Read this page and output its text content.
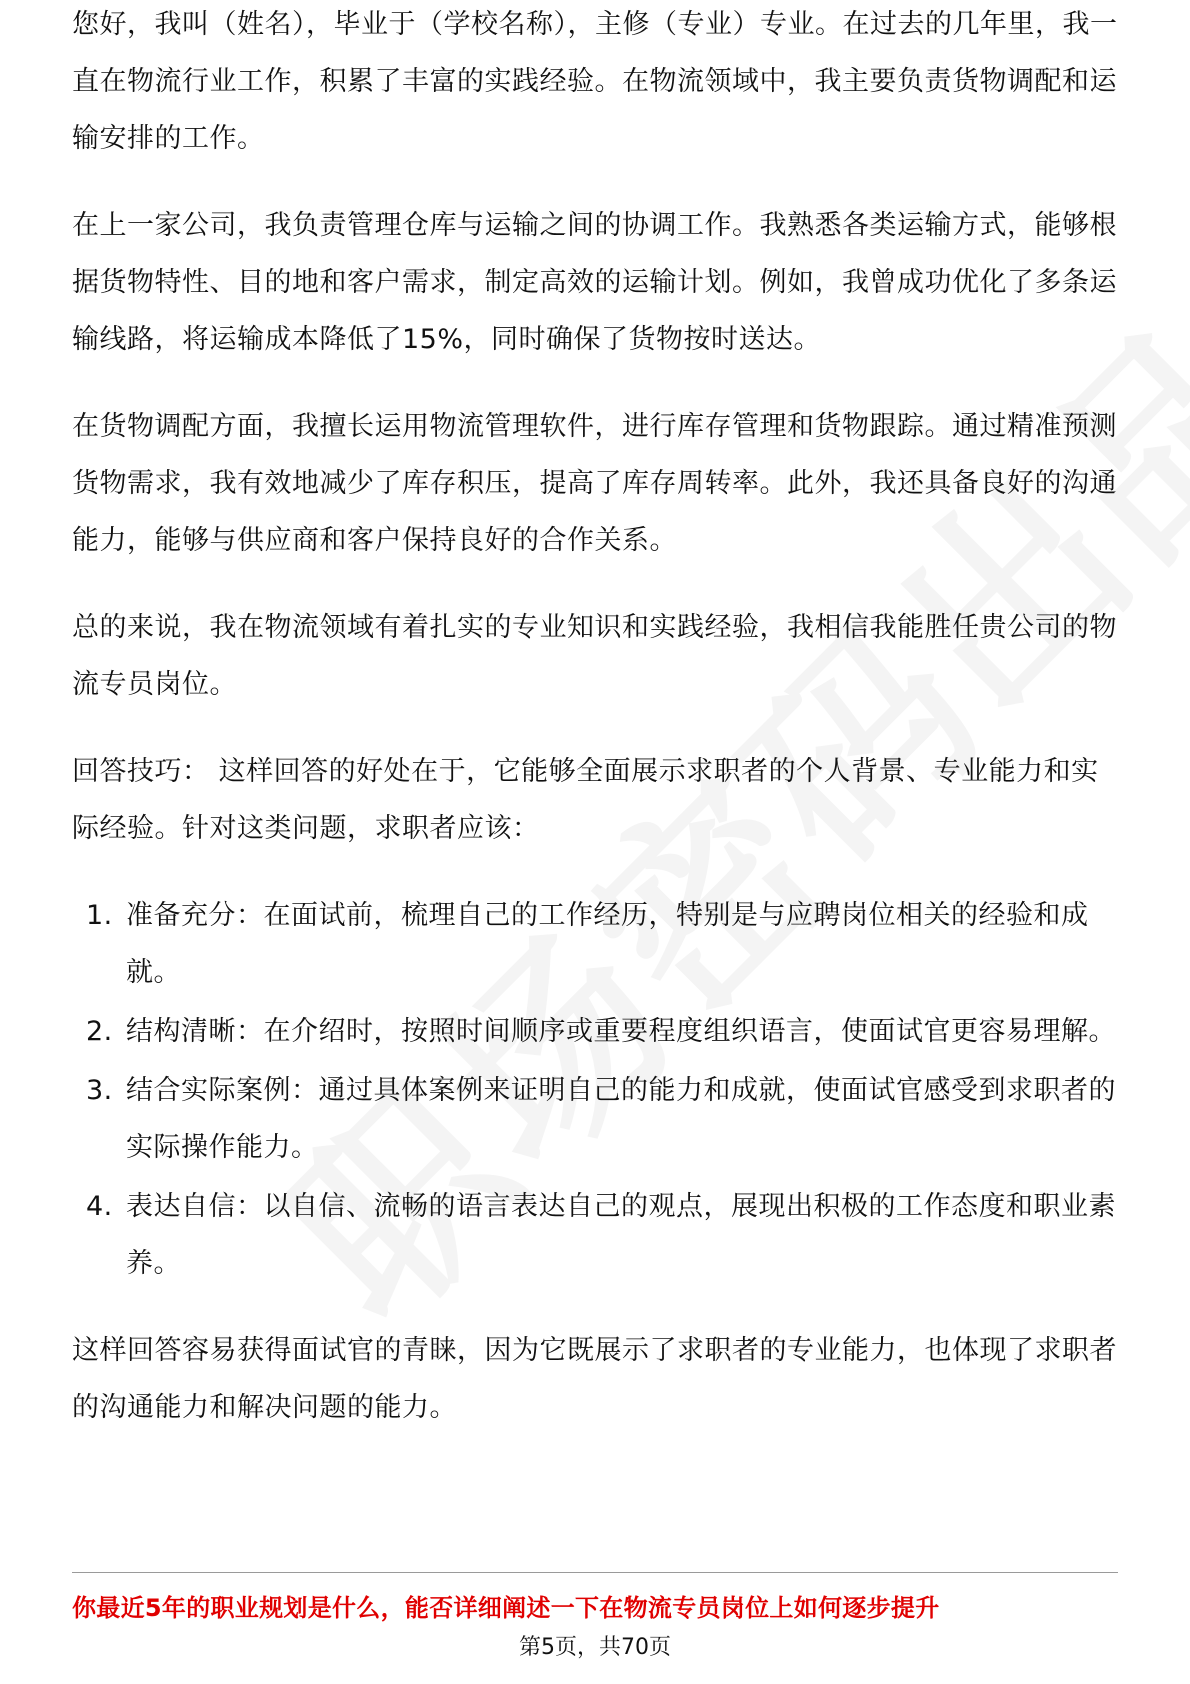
您好，我叫（姓名），毕业于（学校名称），主修（专业）专业。在过去的几年里，我一直在物流行业工作，积累了丰富的实践经验。在物流领域中，我主要负责货物调配和运输安排的工作。

在上一家公司，我负责管理仓库与运输之间的协调工作。我熟悉各类运输方式，能够根据货物特性、目的地和客户需求，制定高效的运输计划。例如，我曾成功优化了多条运输线路，将运输成本降低了15%，同时确保了货物按时送达。

在货物调配方面，我擅长运用物流管理软件，进行库存管理和货物跟踪。通过精准预测货物需求，我有效地减少了库存积压，提高了库存周转率。此外，我还具备良好的沟通能力，能够与供应商和客户保持良好的合作关系。

总的来说，我在物流领域有着扎实的专业知识和实践经验，我相信我能胜任贵公司的物流专员岗位。

回答技巧： 这样回答的好处在于，它能够全面展示求职者的个人背景、专业能力和实际经验。针对这类问题，求职者应该：

1. 准备充分：在面试前，梳理自己的工作经历，特别是与应聘岗位相关的经验和成就。
2. 结构清晰：在介绍时，按照时间顺序或重要程度组织语言，使面试官更容易理解。
3. 结合实际案例：通过具体案例来证明自己的能力和成就，使面试官感受到求职者的实际操作能力。
4. 表达自信：以自信、流畅的语言表达自己的观点，展现出积极的工作态度和职业素养。

这样回答容易获得面试官的青睐，因为它既展示了求职者的专业能力，也体现了求职者的沟通能力和解决问题的能力。

你最近5年的职业规划是什么，能否详细阐述一下在物流专员岗位上如何逐步提升
第5页，共70页
